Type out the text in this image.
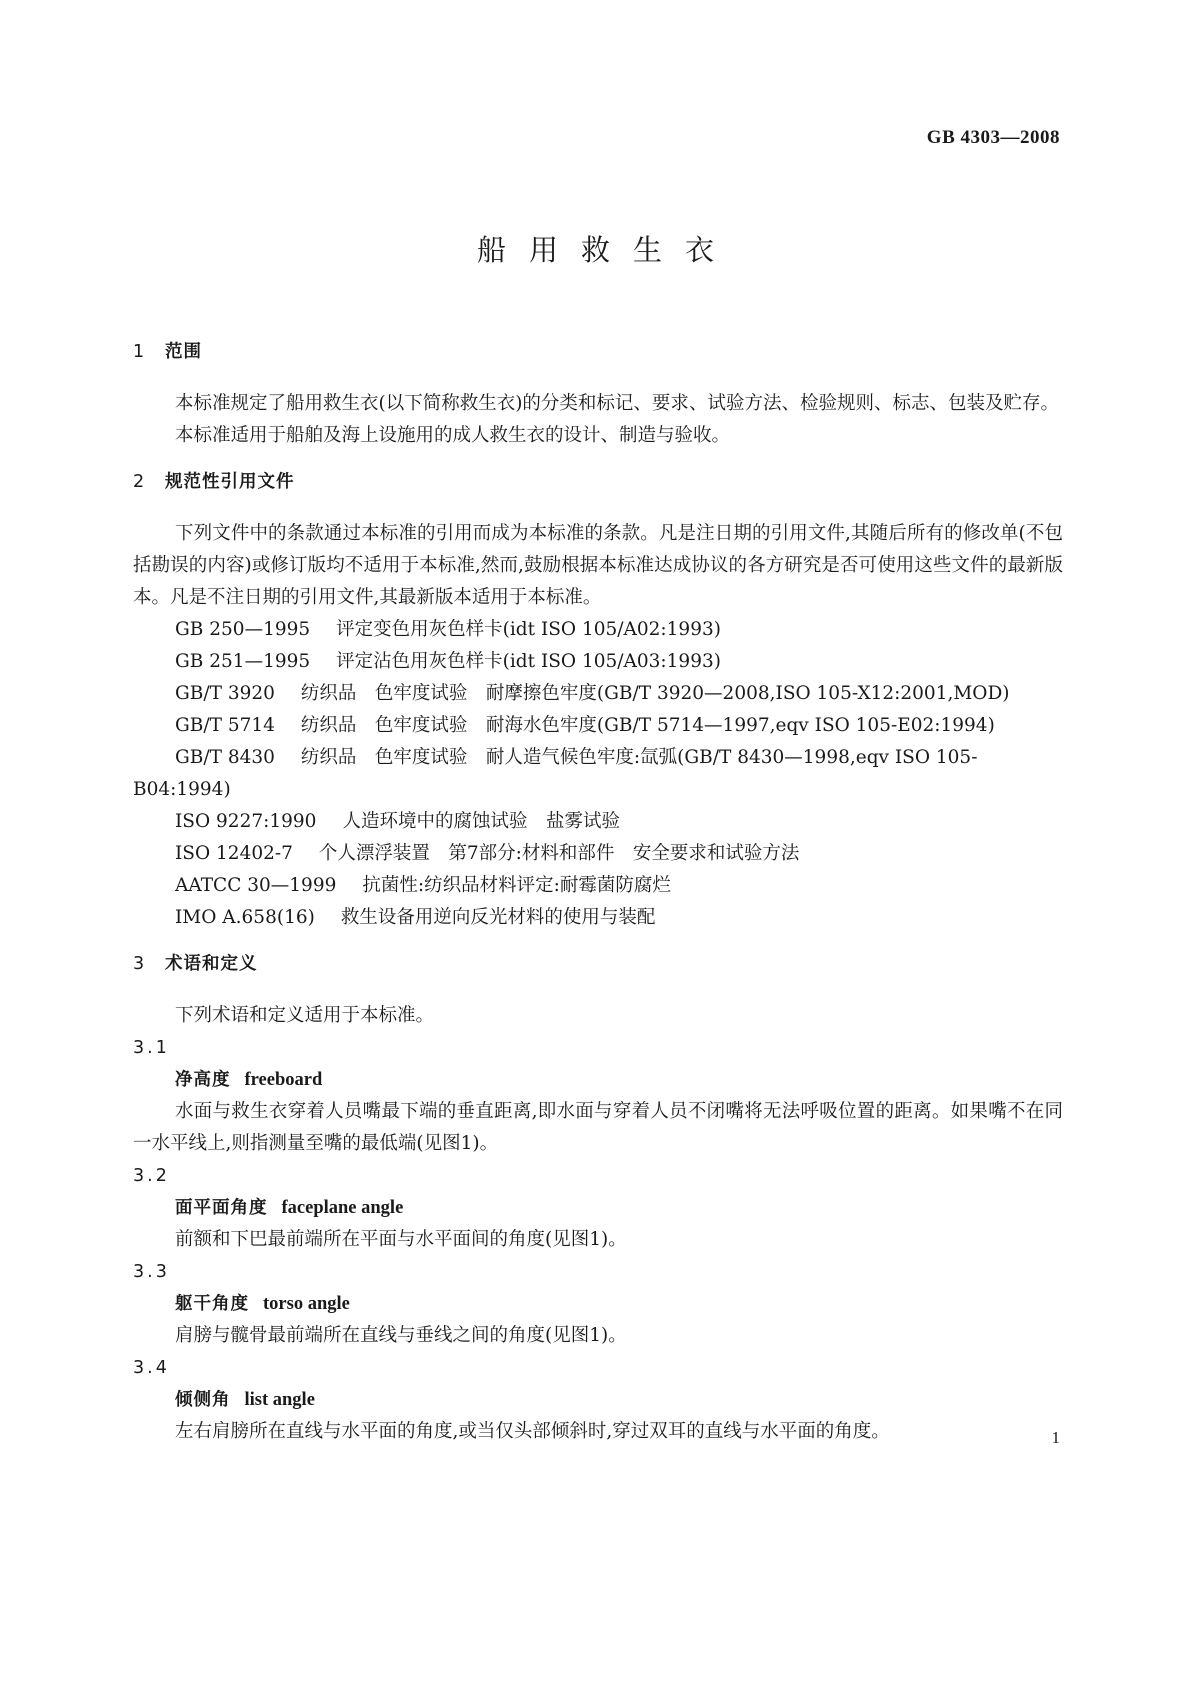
GB 4303—2008
船用救生衣
1 范围

本标准规定了船用救生衣(以下简称救生衣)的分类和标记、要求、试验方法、检验规则、标志、包装及贮存。

本标准适用于船舶及海上设施用的成人救生衣的设计、制造与验收。

2 规范性引用文件

下列文件中的条款通过本标准的引用而成为本标准的条款。凡是注日期的引用文件,其随后所有的修改单(不包括勘误的内容)或修订版均不适用于本标准,然而,鼓励根据本标准达成协议的各方研究是否可使用这些文件的最新版本。凡是不注日期的引用文件,其最新版本适用于本标准。

GB 250—1995 评定变色用灰色样卡(idt ISO 105/A02:1993)

GB 251—1995 评定沾色用灰色样卡(idt ISO 105/A03:1993)

GB/T 3920 纺织品　色牢度试验　耐摩擦色牢度(GB/T 3920—2008,ISO 105-X12:2001,MOD)

GB/T 5714 纺织品　色牢度试验　耐海水色牢度(GB/T 5714—1997,eqv ISO 105-E02:1994)

GB/T 8430 纺织品　色牢度试验　耐人造气候色牢度:氙弧(GB/T 8430—1998,eqv ISO 105-B04:1994)

ISO 9227:1990 人造环境中的腐蚀试验　盐雾试验

ISO 12402-7 个人漂浮装置　第7部分:材料和部件　安全要求和试验方法

AATCC 30—1999 抗菌性:纺织品材料评定:耐霉菌防腐烂

IMO A.658(16) 救生设备用逆向反光材料的使用与装配

3 术语和定义

下列术语和定义适用于本标准。

3.1

净高度 freeboard

水面与救生衣穿着人员嘴最下端的垂直距离,即水面与穿着人员不闭嘴将无法呼吸位置的距离。如果嘴不在同一水平线上,则指测量至嘴的最低端(见图1)。

3.2

面平面角度 faceplane angle

前额和下巴最前端所在平面与水平面间的角度(见图1)。

3.3

躯干角度 torso angle

肩膀与髋骨最前端所在直线与垂线之间的角度(见图1)。

3.4

倾侧角 list angle

左右肩膀所在直线与水平面的角度,或当仅头部倾斜时,穿过双耳的直线与水平面的角度。	1
